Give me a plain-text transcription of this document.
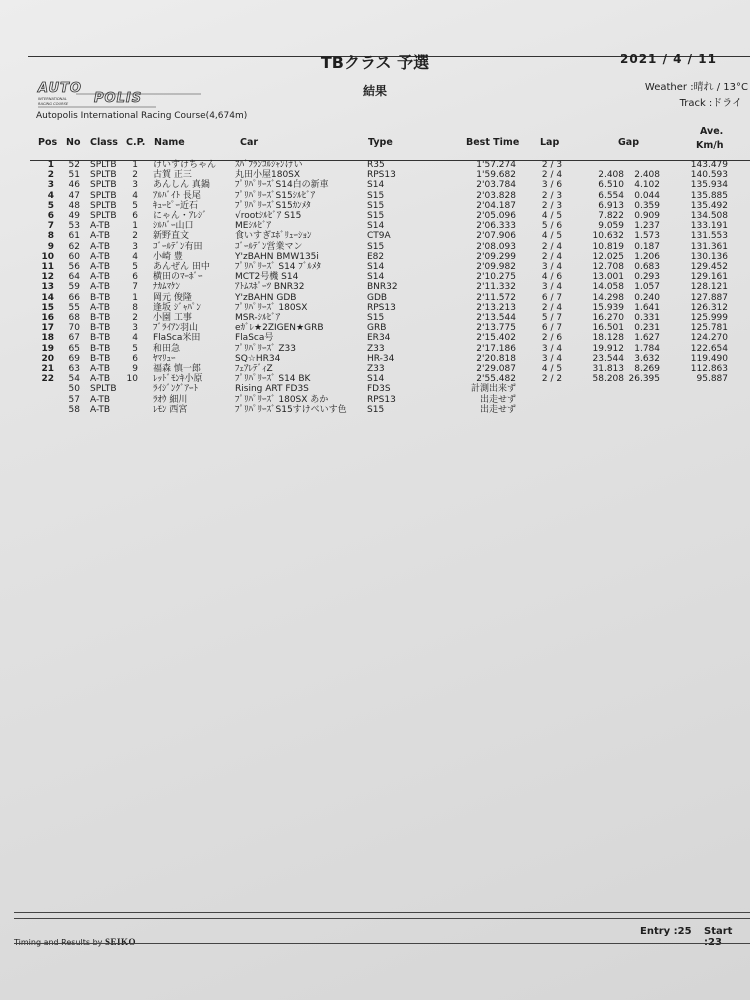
TBクラス 予選	2021 / 4 / 11
結果	Weather :晴れ / 13°C
Track :ドライ
AUTO
POLIS
INTERNATIONAL
RACING COURSE
Autopolis International Racing Course(4,674m)
Pos No Class C.P. Name	Car	Type	Best Time Lap	Gap
Ave.
Km/h
1	52 SPLTB	1 けいすけちゃん ｽﾊﾞﾌﾗﾝｺﾙｼｬﾝけい	R35	1'57.274	2 / 3	143.479
2	51 SPLTB	2 古賀 正三	丸田小屋180SX	RPS13	1'59.682	2 / 4	2.408	2.408	140.593
3	46 SPLTB	3 あんしん 真鍋	ﾌﾟﾘﾊﾟﾘｰｽﾞS14白の新車	S14	2'03.784	3 / 6	6.510	4.102	135.934
4	47 SPLTB	4 ｱﾙﾊﾞｲﾄ 長尾	ﾌﾟﾘﾊﾟﾘｰｽﾞS15ｼﾙﾋﾞｱ	S15	2'03.828	2 / 3	6.554	0.044	135.885
5	48 SPLTB	5 ｷｭｰﾋﾟｰ近石	ﾌﾟﾘﾊﾟﾘｰｽﾞS15ｶﾝﾒﾀ	S15	2'04.187	2 / 3	6.913	0.359	135.492
6	49 SPLTB	6 にゃん・ｱﾚｼﾞ	√rootｼﾙﾋﾞｱ S15	S15	2'05.096	4 / 5	7.822	0.909	134.508
7	53 A-TB	1 ｼﾙﾊﾞｰ山口	MEｼﾙﾋﾞｱ	S14	2'06.333	5 / 6	9.059	1.237	133.191
8	61 A-TB	2 新野直文	食いすぎｴﾎﾞﾘｭｰｼｮﾝ	CT9A	2'07.906	4 / 5	10.632	1.573	131.553
9	62 A-TB	3 ｺﾞｰﾙﾃﾞﾝ有田	ｺﾞｰﾙﾃﾞﾝ営業マン	S15	2'08.093	2 / 4	10.819	0.187	131.361
10	60 A-TB	4 小崎 豊	Y'zBAHN BMW135i	E82	2'09.299	2 / 4	12.025	1.206	130.136
11	56 A-TB	5 あんぜん 田中	ﾌﾟﾘﾊﾟﾘｰｽﾞ S14 ﾌﾞﾙﾒﾀ	S14	2'09.982	3 / 4	12.708	0.683	129.452
12	64 A-TB	6 横田のﾏｰﾎﾞｰ	MCT2号機 S14	S14	2'10.275	4 / 6	13.001	0.293	129.161
13	59 A-TB	7 ﾅｶﾑﾏｹﾝ	ｱﾄﾑｽﾎﾟｰﾂ BNR32	BNR32	2'11.332	3 / 4	14.058	1.057	128.121
14	66 B-TB	1 岡元 俊隆	Y'zBAHN GDB	GDB	2'11.572	6 / 7	14.298	0.240	127.887
15	55 A-TB	8 逢坂 ｼﾞｬﾊﾟﾝ	ﾌﾟﾘﾊﾟﾘｰｽﾞ 180SX	RPS13	2'13.213	2 / 4	15.939	1.641	126.312
16	68 B-TB	2 小園 工事	MSR-ｼﾙﾋﾞｱ	S15	2'13.544	5 / 7	16.270	0.331	125.999
17	70 B-TB	3 ﾌﾞﾗｲｱﾝ羽山	eｶﾞﾚ★2ZIGEN★GRB	GRB	2'13.775	6 / 7	16.501	0.231	125.781
18	67 B-TB	4 FlaSca米田	FlaSca号	ER34	2'15.402	2 / 6	18.128	1.627	124.270
19	65 B-TB	5 和田急	ﾌﾟﾘﾊﾟﾘｰｽﾞ Z33	Z33	2'17.186	3 / 4	19.912	1.784	122.654
20	69 B-TB	6 ﾔﾏﾘｭｰ	SQ☆HR34	HR-34	2'20.818	3 / 4	23.544	3.632	119.490
21	63 A-TB	9 福森 慎一郎	ﾌｪｱﾚﾃﾞｨZ	Z33	2'29.087	4 / 5	31.813	8.269	112.863
22	54 A-TB 10 ﾚｯﾄﾞﾓﾝｷ小原	ﾌﾟﾘﾊﾟﾘｰｽﾞ S14 BK	S14	2'55.482	2 / 2	58.208 26.395	95.887
50 SPLTB	ﾗｲｼﾞﾝｸﾞｱｰﾄ	Rising ART FD3S	FD3S	計測出来ず
57 A-TB	ﾗｵｳ 細川	ﾌﾟﾘﾊﾟﾘｰｽﾞ 180SX あか	RPS13	出走せず
58 A-TB	ﾚﾓﾝ 西宮	ﾌﾟﾘﾊﾟﾘｰｽﾞS15すけべいす色 S15	出走せず
Entry :25 Start :23
Timing and Results by SEIKO
